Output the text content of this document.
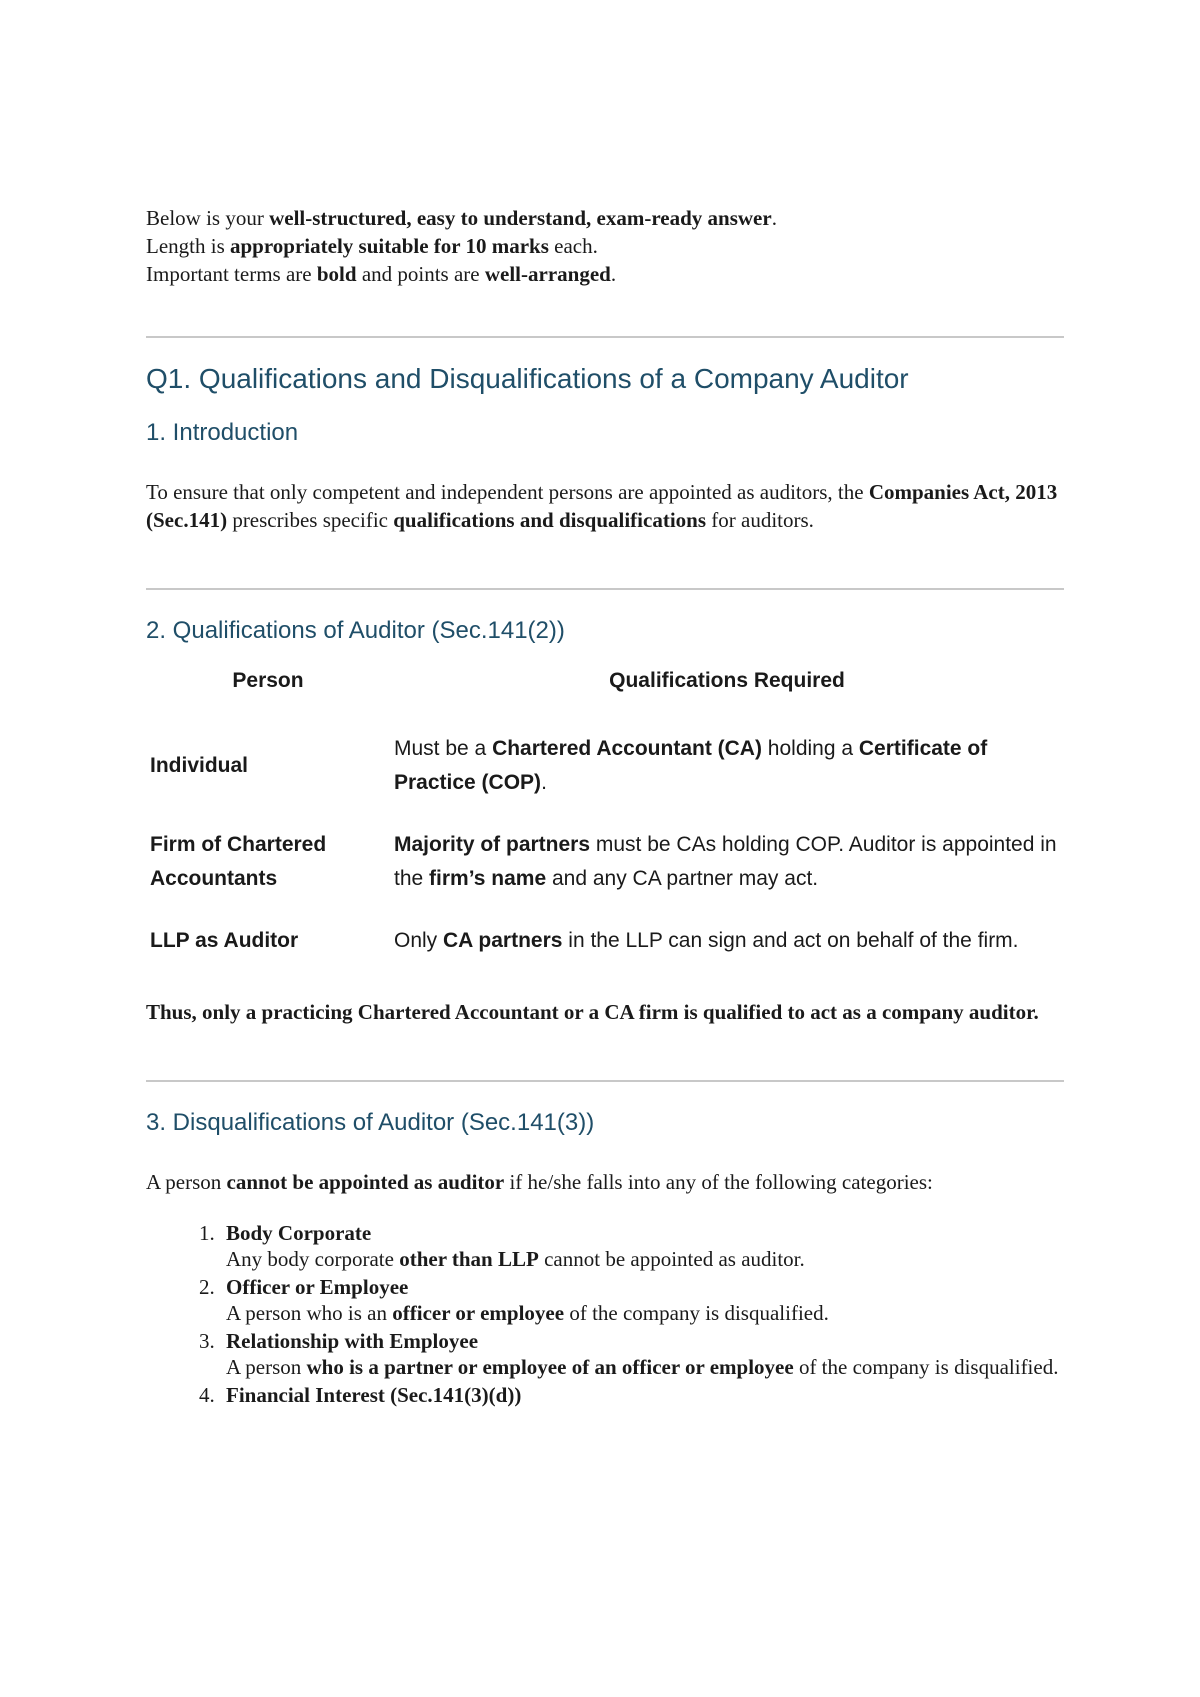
Below is your well-structured, easy to understand, exam-ready answer.

Length is appropriately suitable for 10 marks each.

Important terms are bold and points are well-arranged.

Q1. Qualifications and Disqualifications of a Company Auditor
1. Introduction

To ensure that only competent and independent persons are appointed as auditors, the Companies Act, 2013 (Sec.141) prescribes specific qualifications and disqualifications for auditors.

2. Qualifications of Auditor (Sec.141(2))
Person	Qualifications Required
Individual	Must be a Chartered Accountant (CA) holding a Certificate of Practice (COP).
Firm of Chartered Accountants	Majority of partners must be CAs holding COP. Auditor is appointed in the firm’s name and any CA partner may act.
LLP as Auditor	Only CA partners in the LLP can sign and act on behalf of the firm.

Thus, only a practicing Chartered Accountant or a CA firm is qualified to act as a company auditor.

3. Disqualifications of Auditor (Sec.141(3))

A person cannot be appointed as auditor if he/she falls into any of the following categories:

1. Body Corporate
Any body corporate other than LLP cannot be appointed as auditor.
2. Officer or Employee
A person who is an officer or employee of the company is disqualified.
3. Relationship with Employee
A person who is a partner or employee of an officer or employee of the company is disqualified.
4. Financial Interest (Sec.141(3)(d))
